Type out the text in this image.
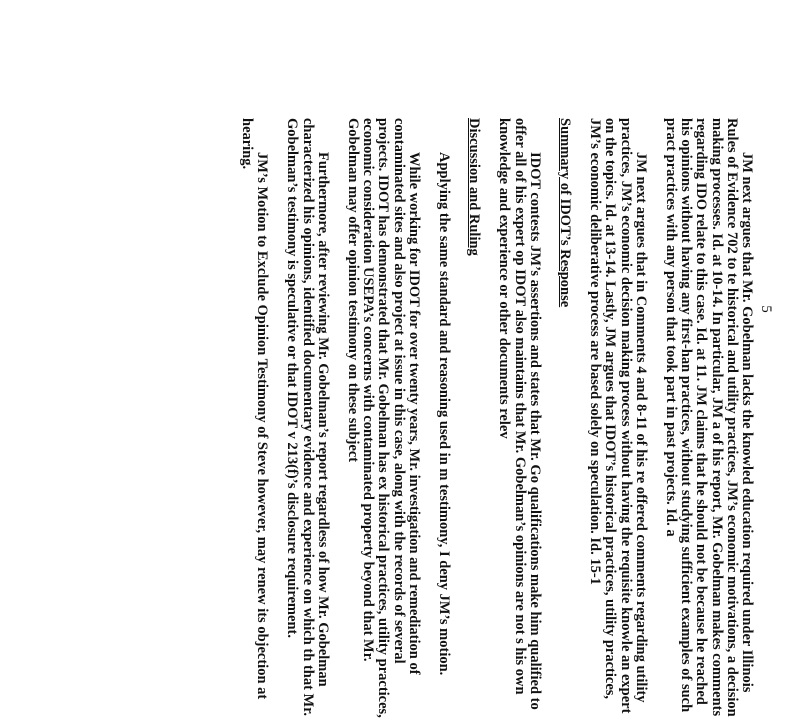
5

JM next argues that Mr. Gobelman lacks the knowled education required under Illinois Rules of Evidence 702 to te historical and utility practices, JM’s economic motivations, a decision making processes. Id. at 10-14. In particular, JM a of his report, Mr. Gobelman makes comments regarding IDO relate to this case. Id. at 11. JM claims that he should not be because he reached his opinions without having any first-han practices, without studying sufficient examples of such pract practices with any person that took part in past projects. Id. a

JM next argues that in Comments 4 and 8-11 of his re offered comments regarding utility practices, JM’s economic decision making process without having the requisite knowle an expert on the topics. Id. at 13-14. Lastly, JM argues that IDOT’s historical practices, utility practices, JM’s economic deliberative process are based solely on speculation. Id. 15-1

Summary of IDOT’s Response

IDOT contests JM’s assertions and states that Mr. Go qualifications make him qualified to offer all of his expert op IDOT also maintains that Mr. Gobelman’s opinions are not s his own knowledge and experience or other documents relev

Discussion and Ruling

Applying the same standard and reasoning used in m testimony, I deny JM’s motion.

While working for IDOT for over twenty years, Mr. investigation and remediation of contaminated sites and also project at issue in this case, along with the records of several projects. IDOT has demonstrated that Mr. Gobelman has ex historical practices, utility practices, economic consideration USEPA’s concerns with contaminated property beyond that Mr. Gobelman may offer opinion testimony on these subject

Furthermore, after reviewing Mr. Gobelman’s report regardless of how Mr. Gobelman characterized his opinions, identified documentary evidence and experience on which th that Mr. Gobelman’s testimony is speculative or that IDOT v 213(f)’s disclosure requirement.

JM’s Motion to Exclude Opinion Testimony of Steve however, may renew its objection at hearing.
